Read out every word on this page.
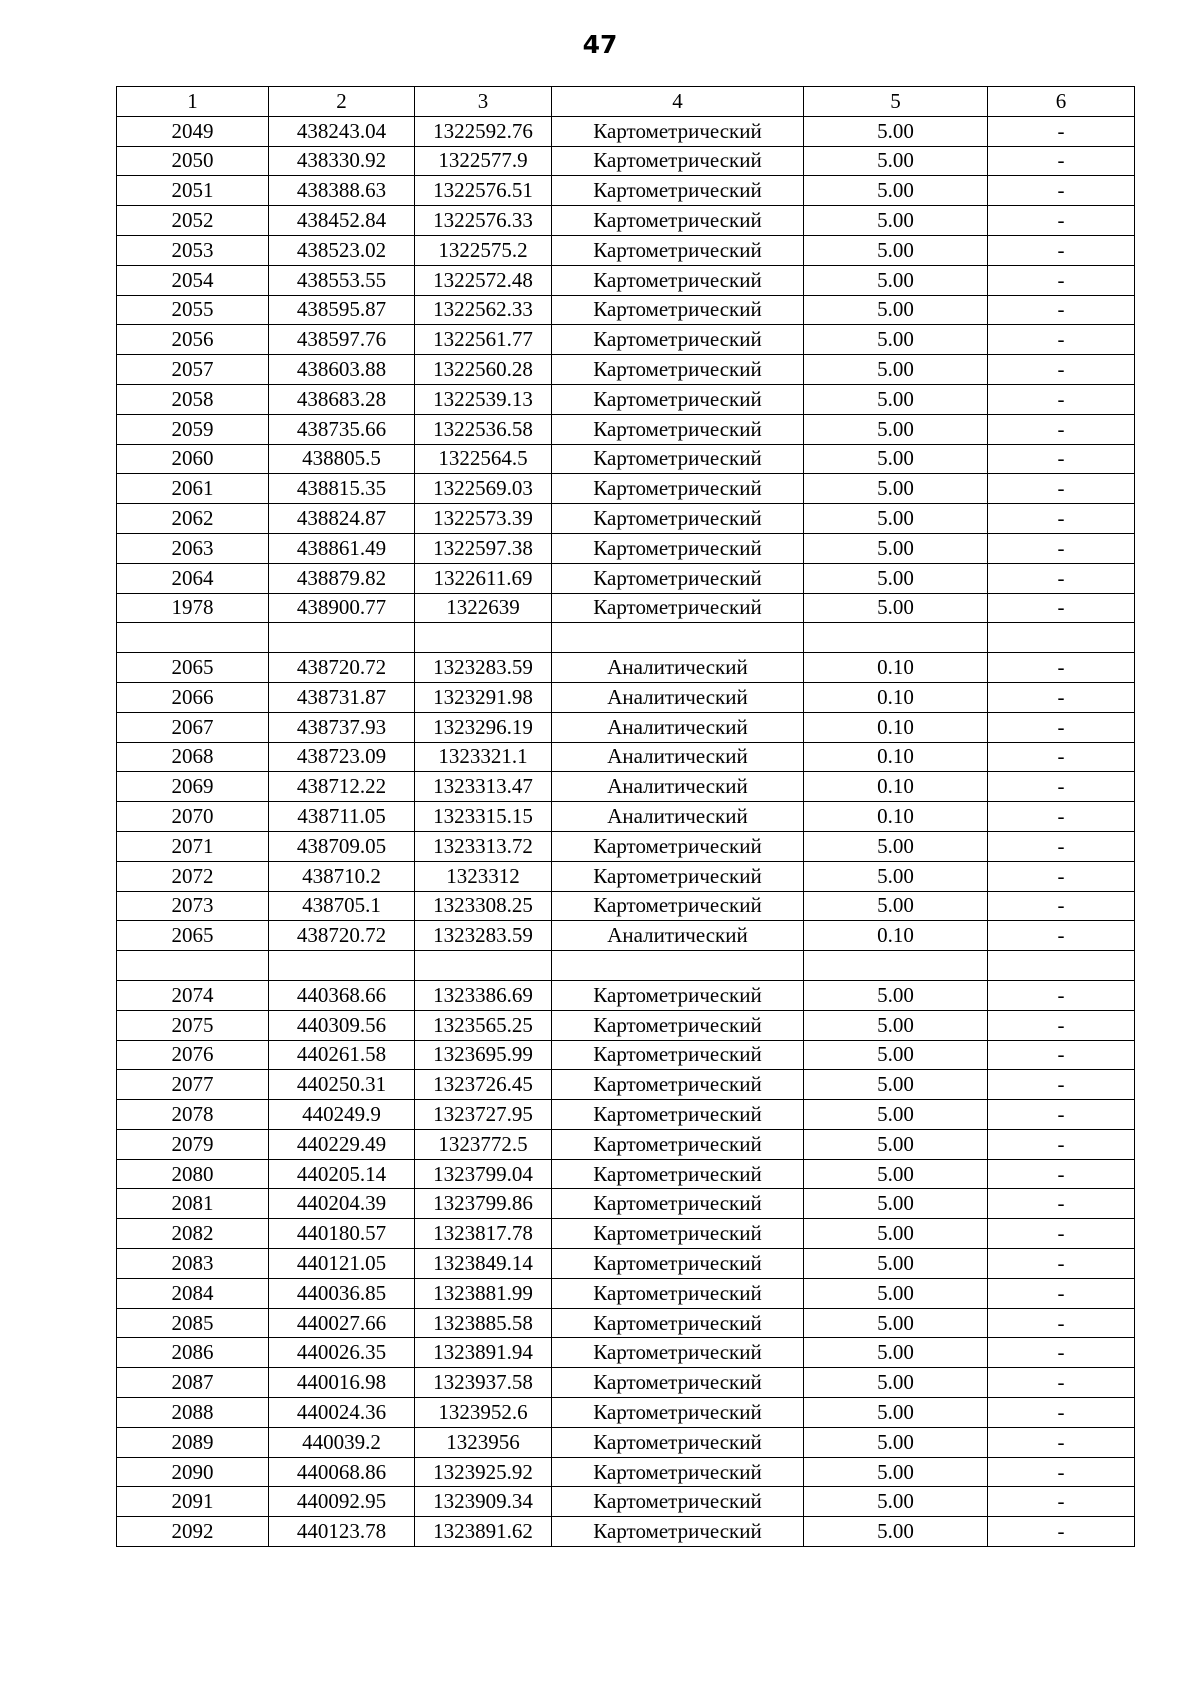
47
1	2	3	4	5	6
2049	438243.04	1322592.76	Картометрический	5.00	-
2050	438330.92	1322577.9	Картометрический	5.00	-
2051	438388.63	1322576.51	Картометрический	5.00	-
2052	438452.84	1322576.33	Картометрический	5.00	-
2053	438523.02	1322575.2	Картометрический	5.00	-
2054	438553.55	1322572.48	Картометрический	5.00	-
2055	438595.87	1322562.33	Картометрический	5.00	-
2056	438597.76	1322561.77	Картометрический	5.00	-
2057	438603.88	1322560.28	Картометрический	5.00	-
2058	438683.28	1322539.13	Картометрический	5.00	-
2059	438735.66	1322536.58	Картометрический	5.00	-
2060	438805.5	1322564.5	Картометрический	5.00	-
2061	438815.35	1322569.03	Картометрический	5.00	-
2062	438824.87	1322573.39	Картометрический	5.00	-
2063	438861.49	1322597.38	Картометрический	5.00	-
2064	438879.82	1322611.69	Картометрический	5.00	-
1978	438900.77	1322639	Картометрический	5.00	-

2065	438720.72	1323283.59	Аналитический	0.10	-
2066	438731.87	1323291.98	Аналитический	0.10	-
2067	438737.93	1323296.19	Аналитический	0.10	-
2068	438723.09	1323321.1	Аналитический	0.10	-
2069	438712.22	1323313.47	Аналитический	0.10	-
2070	438711.05	1323315.15	Аналитический	0.10	-
2071	438709.05	1323313.72	Картометрический	5.00	-
2072	438710.2	1323312	Картометрический	5.00	-
2073	438705.1	1323308.25	Картометрический	5.00	-
2065	438720.72	1323283.59	Аналитический	0.10	-

2074	440368.66	1323386.69	Картометрический	5.00	-
2075	440309.56	1323565.25	Картометрический	5.00	-
2076	440261.58	1323695.99	Картометрический	5.00	-
2077	440250.31	1323726.45	Картометрический	5.00	-
2078	440249.9	1323727.95	Картометрический	5.00	-
2079	440229.49	1323772.5	Картометрический	5.00	-
2080	440205.14	1323799.04	Картометрический	5.00	-
2081	440204.39	1323799.86	Картометрический	5.00	-
2082	440180.57	1323817.78	Картометрический	5.00	-
2083	440121.05	1323849.14	Картометрический	5.00	-
2084	440036.85	1323881.99	Картометрический	5.00	-
2085	440027.66	1323885.58	Картометрический	5.00	-
2086	440026.35	1323891.94	Картометрический	5.00	-
2087	440016.98	1323937.58	Картометрический	5.00	-
2088	440024.36	1323952.6	Картометрический	5.00	-
2089	440039.2	1323956	Картометрический	5.00	-
2090	440068.86	1323925.92	Картометрический	5.00	-
2091	440092.95	1323909.34	Картометрический	5.00	-
2092	440123.78	1323891.62	Картометрический	5.00	-
